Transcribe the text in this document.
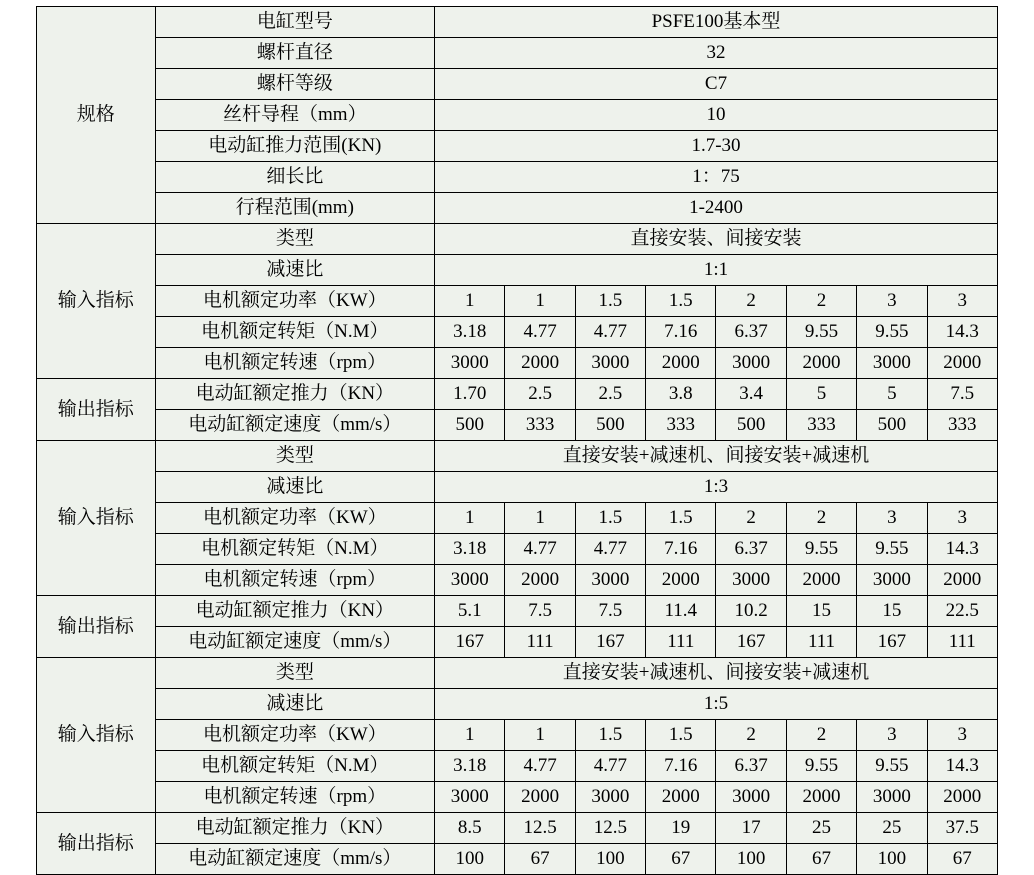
规格	电缸型号	PSFE100基本型							
	螺杆直径	32							
	螺杆等级	C7							
	丝杆导程（mm）	10							
	电动缸推力范围(KN)	1.7-30							
	细长比	1：75							
	行程范围(mm)	1-2400							
输入指标	类型	直接安装、间接安装							
	减速比	1:1							
	电机额定功率（KW）	1	1	1.5	1.5	2	2	3	3
	电机额定转矩（N.M）	3.18	4.77	4.77	7.16	6.37	9.55	9.55	14.3
	电机额定转速（rpm）	3000	2000	3000	2000	3000	2000	3000	2000
输出指标	电动缸额定推力（KN）	1.70	2.5	2.5	3.8	3.4	5	5	7.5
	电动缸额定速度（mm/s）	500	333	500	333	500	333	500	333
输入指标	类型	直接安装+减速机、间接安装+减速机							
	减速比	1:3							
	电机额定功率（KW）	1	1	1.5	1.5	2	2	3	3
	电机额定转矩（N.M）	3.18	4.77	4.77	7.16	6.37	9.55	9.55	14.3
	电机额定转速（rpm）	3000	2000	3000	2000	3000	2000	3000	2000
输出指标	电动缸额定推力（KN）	5.1	7.5	7.5	11.4	10.2	15	15	22.5
	电动缸额定速度（mm/s）	167	111	167	111	167	111	167	111
输入指标	类型	直接安装+减速机、间接安装+减速机							
	减速比	1:5							
	电机额定功率（KW）	1	1	1.5	1.5	2	2	3	3
	电机额定转矩（N.M）	3.18	4.77	4.77	7.16	6.37	9.55	9.55	14.3
	电机额定转速（rpm）	3000	2000	3000	2000	3000	2000	3000	2000
输出指标	电动缸额定推力（KN）	8.5	12.5	12.5	19	17	25	25	37.5
	电动缸额定速度（mm/s）	100	67	100	67	100	67	100	67
